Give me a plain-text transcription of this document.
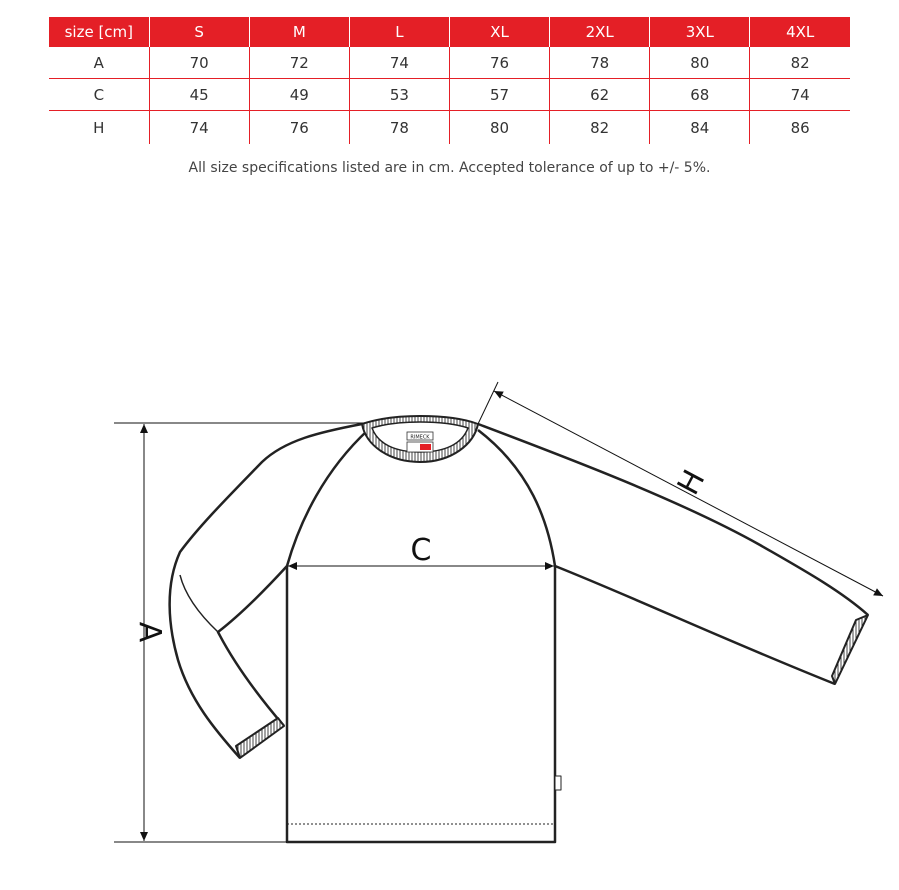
size [cm]	S	M	L	XL	2XL	3XL	4XL
A	70	72	74	76	78	80	82
C	45	49	53	57	62	68	74
H	74	76	78	80	82	84	86
All size specifications listed are in cm. Accepted tolerance of up to +/- 5%.
RIMECK
A
C
H
